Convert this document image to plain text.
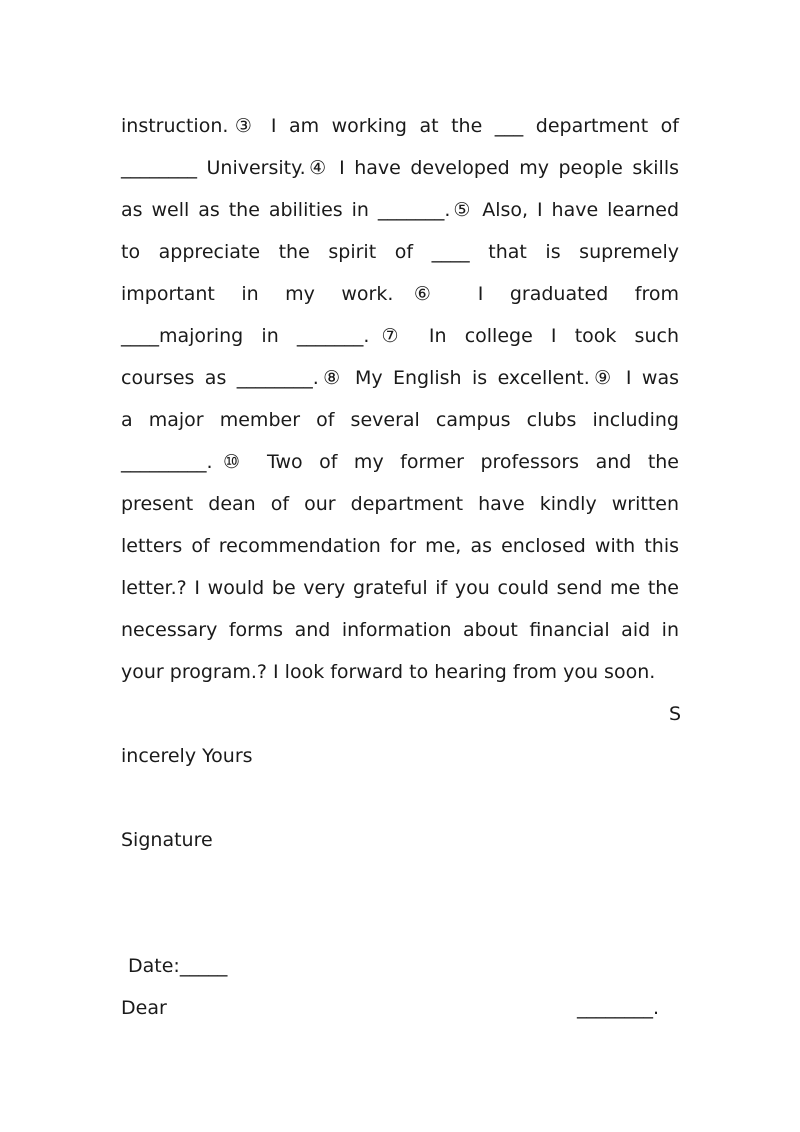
instruction.③ I am working at the ___ department of
________ University.④ I have developed my people skills
as well as the abilities in _______.⑤ Also, I have learned
to appreciate the spirit of ____ that is supremely
important in my work.⑥ I graduated from
____majoring in _______.⑦ In college I took such
courses as ________.⑧ My English is excellent.⑨ I was
a major member of several campus clubs including
_________.⑩ Two of my former professors and the
present dean of our department have kindly written
letters of recommendation for me, as enclosed with this
letter.? I would be very grateful if you could send me the
necessary forms and information about financial aid in
your program.? I look forward to hearing from you soon.
S
incerely Yours
Signature
Date:_____
Dear	________.
